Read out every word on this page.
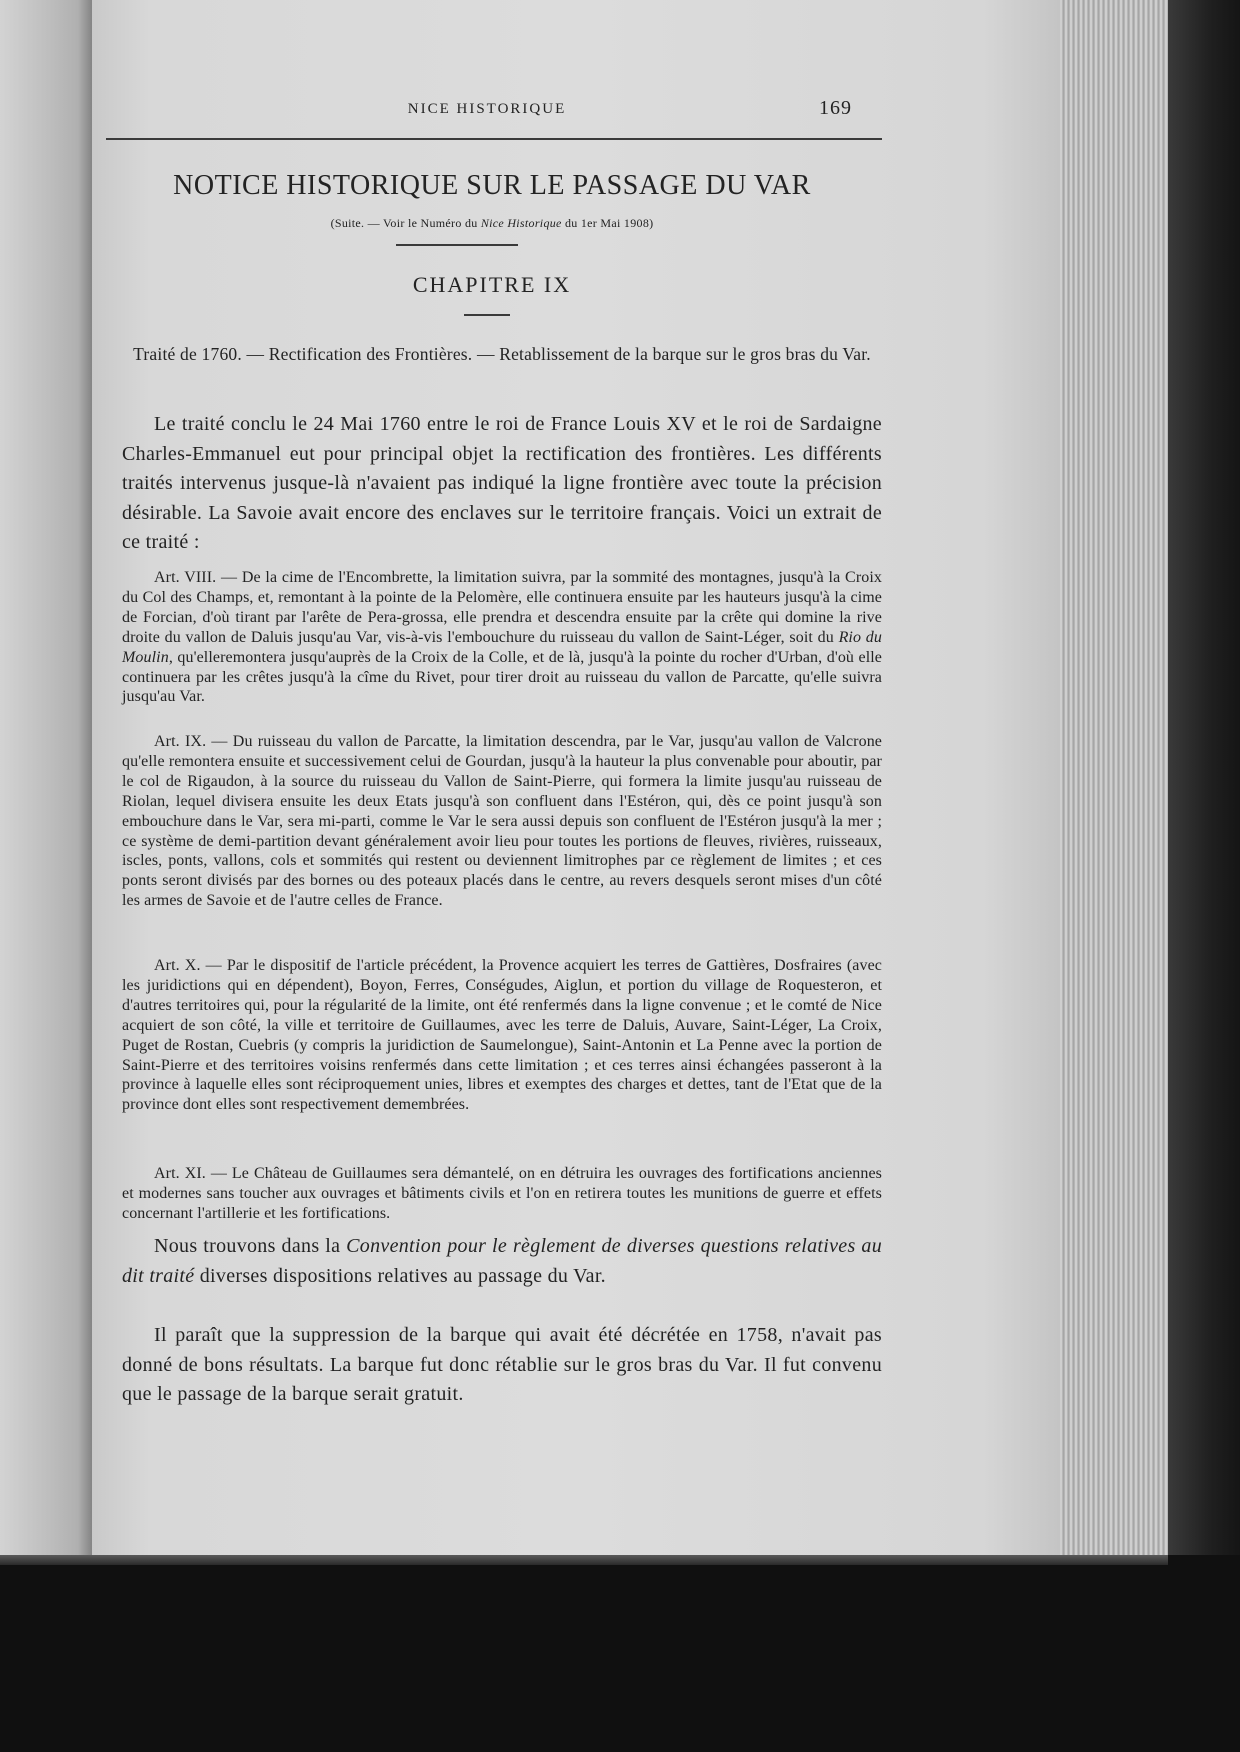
NICE HISTORIQUE	169
NOTICE HISTORIQUE SUR LE PASSAGE DU VAR
(Suite. — Voir le Numéro du Nice Historique du 1er Mai 1908)
CHAPITRE IX
Traité de 1760. — Rectification des Frontières. — Retablissement de la barque sur le gros bras du Var.

Le traité conclu le 24 Mai 1760 entre le roi de France Louis XV et le roi de Sardaigne Charles-Emmanuel eut pour principal objet la rectification des frontières. Les différents traités intervenus jusque-là n'avaient pas indiqué la ligne frontière avec toute la précision désirable. La Savoie avait encore des enclaves sur le territoire français. Voici un extrait de ce traité :

Art. VIII. — De la cime de l'Encombrette, la limitation suivra, par la sommité des montagnes, jusqu'à la Croix du Col des Champs, et, remontant à la pointe de la Pelomère, elle continuera ensuite par les hauteurs jusqu'à la cime de Forcian, d'où tirant par l'arête de Pera-grossa, elle prendra et descendra ensuite par la crête qui domine la rive droite du vallon de Daluis jusqu'au Var, vis-à-vis l'embouchure du ruisseau du vallon de Saint-Léger, soit du Rio du Moulin, qu'elleremontera jusqu'auprès de la Croix de la Colle, et de là, jusqu'à la pointe du rocher d'Urban, d'où elle continuera par les crêtes jusqu'à la cîme du Rivet, pour tirer droit au ruisseau du vallon de Parcatte, qu'elle suivra jusqu'au Var.

Art. IX. — Du ruisseau du vallon de Parcatte, la limitation descendra, par le Var, jusqu'au vallon de Valcrone qu'elle remontera ensuite et successivement celui de Gourdan, jusqu'à la hauteur la plus convenable pour aboutir, par le col de Rigaudon, à la source du ruisseau du Vallon de Saint-Pierre, qui formera la limite jusqu'au ruisseau de Riolan, lequel divisera ensuite les deux Etats jusqu'à son confluent dans l'Estéron, qui, dès ce point jusqu'à son embouchure dans le Var, sera mi-parti, comme le Var le sera aussi depuis son confluent de l'Estéron jusqu'à la mer ; ce système de demi-partition devant généralement avoir lieu pour toutes les portions de fleuves, rivières, ruisseaux, iscles, ponts, vallons, cols et sommités qui restent ou deviennent limitrophes par ce règlement de limites ; et ces ponts seront divisés par des bornes ou des poteaux placés dans le centre, au revers desquels seront mises d'un côté les armes de Savoie et de l'autre celles de France.

Art. X. — Par le dispositif de l'article précédent, la Provence acquiert les terres de Gattières, Dosfraires (avec les juridictions qui en dépendent), Boyon, Ferres, Conségudes, Aiglun, et portion du village de Roquesteron, et d'autres territoires qui, pour la régularité de la limite, ont été renfermés dans la ligne convenue ; et le comté de Nice acquiert de son côté, la ville et territoire de Guillaumes, avec les terre de Daluis, Auvare, Saint-Léger, La Croix, Puget de Rostan, Cuebris (y compris la juridiction de Saumelongue), Saint-Antonin et La Penne avec la portion de Saint-Pierre et des territoires voisins renfermés dans cette limitation ; et ces terres ainsi échangées passeront à la province à laquelle elles sont réciproquement unies, libres et exemptes des charges et dettes, tant de l'Etat que de la province dont elles sont respectivement demembrées.

Art. XI. — Le Château de Guillaumes sera démantelé, on en détruira les ouvrages des fortifications anciennes et modernes sans toucher aux ouvrages et bâtiments civils et l'on en retirera toutes les munitions de guerre et effets concernant l'artillerie et les fortifications.

Nous trouvons dans la Convention pour le règlement de diverses questions relatives au dit traité diverses dispositions relatives au passage du Var.

Il paraît que la suppression de la barque qui avait été décrétée en 1758, n'avait pas donné de bons résultats. La barque fut donc rétablie sur le gros bras du Var. Il fut convenu que le passage de la barque serait gratuit.
